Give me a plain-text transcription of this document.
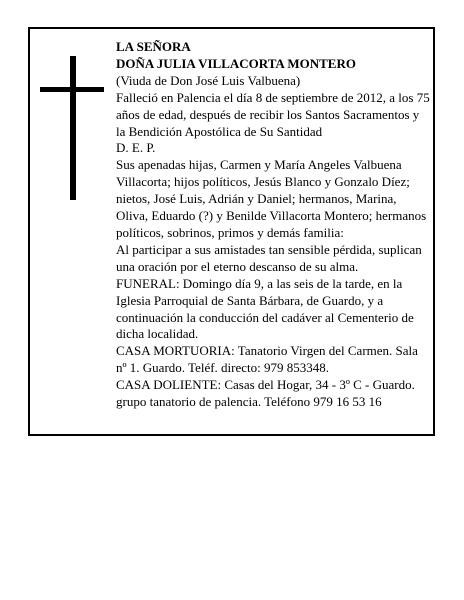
LA SEÑORA

DOÑA JULIA VILLACORTA MONTERO

(Viuda de Don José Luis Valbuena)

Falleció en Palencia el día 8 de septiembre de 2012, a los 75 años de edad, después de recibir los Santos Sacramentos y la Bendición Apostólica de Su Santidad

D. E. P.

Sus apenadas hijas, Carmen y María Angeles Valbuena Villacorta; hijos políticos, Jesús Blanco y Gonzalo Díez; nietos, José Luis, Adrián y Daniel; hermanos, Marina, Oliva, Eduardo (?) y Benilde Villacorta Montero; hermanos políticos, sobrinos, primos y demás familia:

Al participar a sus amistades tan sensible pérdida, suplican una oración por el eterno descanso de su alma.

FUNERAL: Domingo día 9, a las seis de la tarde, en la Iglesia Parroquial de Santa Bárbara, de Guardo, y a continuación la conducción del cadáver al Cementerio de dicha localidad.

CASA MORTUORIA: Tanatorio Virgen del Carmen. Sala nº 1. Guardo. Teléf. directo: 979 853348.

CASA DOLIENTE: Casas del Hogar, 34 - 3º C - Guardo.

grupo tanatorio de palencia. Teléfono 979 16 53 16
